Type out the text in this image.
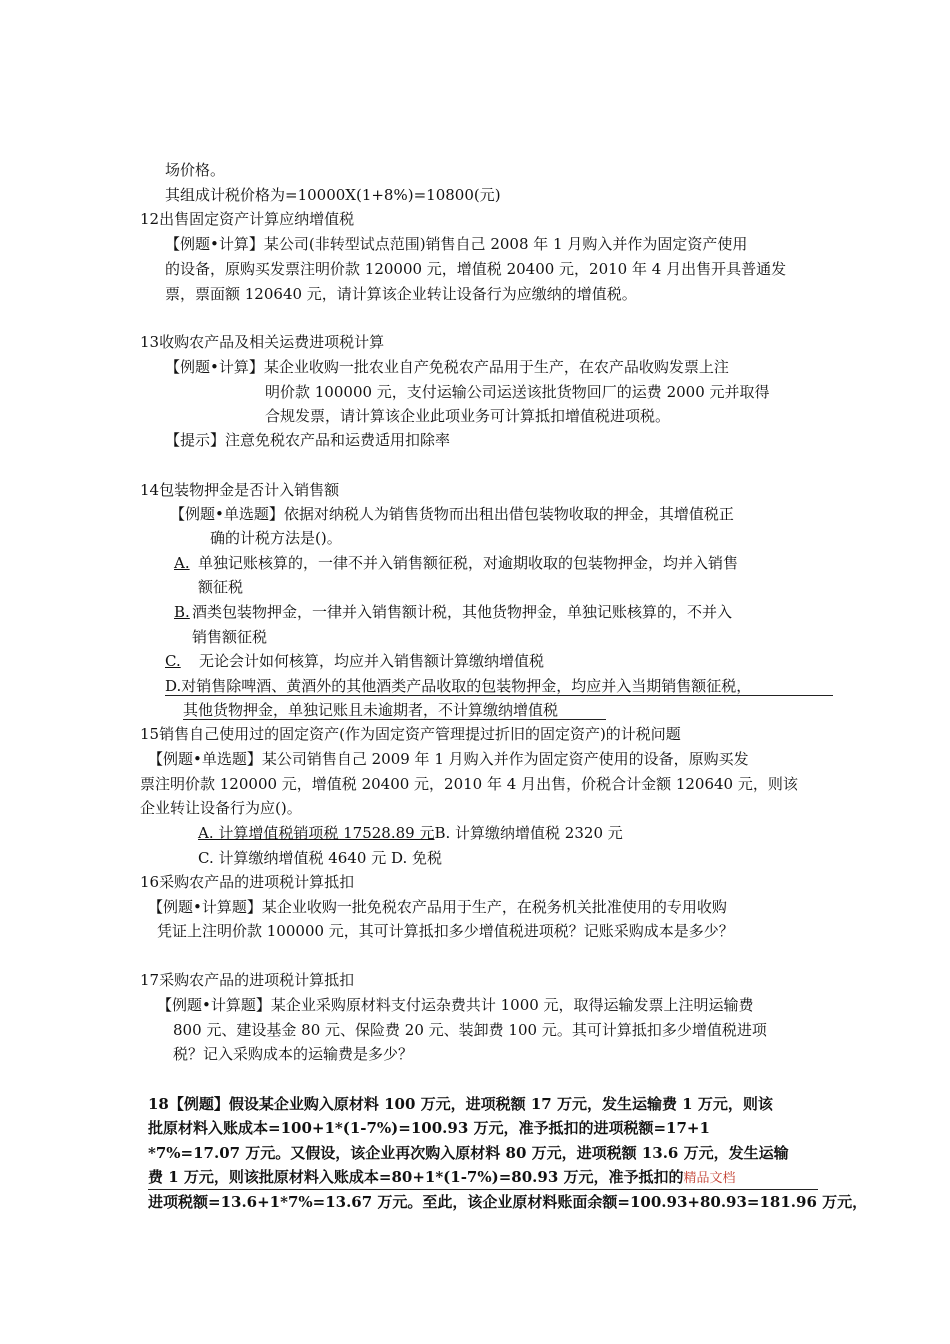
场价格。
其组成计税价格为=10000X(1+8%)=10800(元)
12出售固定资产计算应纳增值税
【例题•计算】某公司(非转型试点范围)销售自己 2008 年 1 月购入并作为固定资产使用
的设备，原购买发票注明价款 120000 元，增值税 20400 元，2010 年 4 月出售开具普通发
票，票面额 120640 元，请计算该企业转让设备行为应缴纳的增值税。
13收购农产品及相关运费进项税计算
【例题•计算】某企业收购一批农业自产免税农产品用于生产，在农产品收购发票上注
明价款 100000 元，支付运输公司运送该批货物回厂的运费 2000 元并取得
合规发票，请计算该企业此项业务可计算抵扣增值税进项税。
【提示】注意免税农产品和运费适用扣除率
14包装物押金是否计入销售额
【例题•单选题】依据对纳税人为销售货物而出租出借包装物收取的押金，其增值税正
确的计税方法是()。
A. 单独记账核算的，一律不并入销售额征税，对逾期收取的包装物押金，均并入销售
额征税
B. 酒类包装物押金，一律并入销售额计税，其他货物押金，单独记账核算的，不并入
销售额征税
C.	无论会计如何核算，均应并入销售额计算缴纳增值税
D.对销售除啤酒、黄酒外的其他酒类产品收取的包装物押金，均应并入当期销售额征税，
其他货物押金，单独记账且未逾期者，不计算缴纳增值税
15销售自己使用过的固定资产(作为固定资产管理提过折旧的固定资产)的计税问题
【例题•单选题】某公司销售自己 2009 年 1 月购入并作为固定资产使用的设备，原购买发
票注明价款 120000 元，增值税 20400 元，2010 年 4 月出售，价税合计金额 120640 元，则该
企业转让设备行为应()。
A. 计算增值税销项税 17528.89 元B. 计算缴纳增值税 2320 元
C. 计算缴纳增值税 4640 元 D. 免税
16采购农产品的进项税计算抵扣
【例题•计算题】某企业收购一批免税农产品用于生产，在税务机关批准使用的专用收购
凭证上注明价款 100000 元，其可计算抵扣多少增值税进项税？记账采购成本是多少？
17采购农产品的进项税计算抵扣
【例题•计算题】某企业采购原材料支付运杂费共计 1000 元，取得运输发票上注明运输费
800 元、建设基金 80 元、保险费 20 元、装卸费 100 元。其可计算抵扣多少增值税进项
税？记入采购成本的运输费是多少？
18【例题】假设某企业购入原材料 100 万元，进项税额 17 万元，发生运输费 1 万元，则该
批原材料入账成本=100+1*(1-7%)=100.93 万元，准予抵扣的进项税额=17+1
*7%=17.07 万元。又假设，该企业再次购入原材料 80 万元，进项税额 13.6 万元，发生运输
费 1 万元，则该批原材料入账成本=80+1*(1-7%)=80.93 万元，准予抵扣的精品文档
进项税额=13.6+1*7%=13.67 万元。至此，该企业原材料账面余额=100.93+80.93=181.96 万元，
